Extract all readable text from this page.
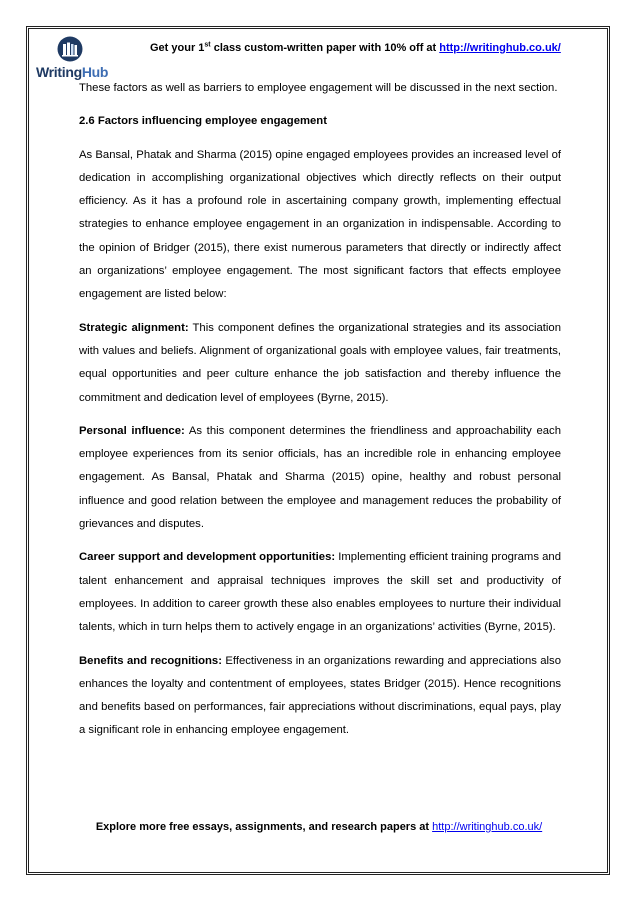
WritingHub
Get your 1st class custom-written paper with 10% off at http://writinghub.co.uk/

These factors as well as barriers to employee engagement will be discussed in the next section.

2.6 Factors influencing employee engagement

As Bansal, Phatak and Sharma (2015) opine engaged employees provides an increased level of dedication in accomplishing organizational objectives which directly reflects on their output efficiency. As it has a profound role in ascertaining company growth, implementing effectual strategies to enhance employee engagement in an organization in indispensable. According to the opinion of Bridger (2015), there exist numerous parameters that directly or indirectly affect an organizations’ employee engagement. The most significant factors that effects employee engagement are listed below:

Strategic alignment: This component defines the organizational strategies and its association with values and beliefs. Alignment of organizational goals with employee values, fair treatments, equal opportunities and peer culture enhance the job satisfaction and thereby influence the commitment and dedication level of employees (Byrne, 2015).

Personal influence: As this component determines the friendliness and approachability each employee experiences from its senior officials, has an incredible role in enhancing employee engagement. As Bansal, Phatak and Sharma (2015) opine, healthy and robust personal influence and good relation between the employee and management reduces the probability of grievances and disputes.

Career support and development opportunities: Implementing efficient training programs and talent enhancement and appraisal techniques improves the skill set and productivity of employees. In addition to career growth these also enables employees to nurture their individual talents, which in turn helps them to actively engage in an organizations’ activities (Byrne, 2015).

Benefits and recognitions: Effectiveness in an organizations rewarding and appreciations also enhances the loyalty and contentment of employees, states Bridger (2015). Hence recognitions and benefits based on performances, fair appreciations without discriminations, equal pays, play a significant role in enhancing employee engagement.

Explore more free essays, assignments, and research papers at http://writinghub.co.uk/
